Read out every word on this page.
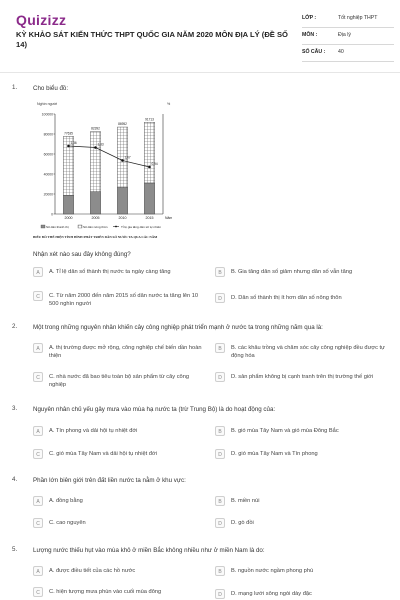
Quizizz
KỲ KHẢO SÁT KIẾN THỨC THPT QUỐC GIA NĂM 2020 MÔN ĐỊA LÝ (ĐỀ SỐ 14)
LỚP :	Tốt nghiệp THPT
MÔN :	Địa lý
SỐ CÂU : 40
1.	Cho biểu đồ:
Nghìn người	%
0
20000
40000
60000
80000
100000
77635
2000
82392
2005
86952
2010
91713
2015	Năm
1,36	1,33
1,07
0,94
Số dân thành thị	Số dân nông thôn	Tỉ lệ gia tăng dân số tự nhiên
BIỂU ĐỒ THỂ HIỆN TÌNH HÌNH PHÁT TRIỂN DÂN SỐ NƯỚC TA QUA CÁC NĂM
Nhận xét nào sau đây không đúng?
A	A. Tỉ lệ dân số thành thị nước ta ngày càng tăng	B	B. Gia tăng dân số giảm nhưng dân số vẫn tăng
C	C. Từ năm 2000 đến năm 2015 số dân nước ta tăng lên 10 500 nghìn người
D	D. Dân số thành thị ít hơn dân số nông thôn
2.	Một trong những nguyên nhân khiến cây công nghiệp phát triển mạnh ở nước ta trong những năm qua là:
A	A. thị trường được mở rộng, công nghiệp chế biến dần hoàn thiện
B	B. các khâu trồng và chăm sóc cây công nghiệp đều được tự động hóa
C	C. nhà nước đã bao tiêu toàn bộ sản phẩm từ cây công nghiệp
D	D. sản phẩm không bị cạnh tranh trên thị trường thế giới
3.	Nguyên nhân chủ yếu gây mưa vào mùa hạ nước ta (trừ Trung Bộ) là do hoạt động của:
A	A. Tín phong và dải hội tụ nhiệt đới	B	B. gió mùa Tây Nam và gió mùa Đông Bắc
C	C. gió mùa Tây Nam và dải hội tụ nhiệt đới	D	D. gió mùa Tây Nam và Tín phong
4.	Phần lớn biên giới trên đất liền nước ta nằm ở khu vực:
A	A. đồng bằng	B	B. miền núi
C	C. cao nguyên	D	D. gò đồi
5.	Lượng nước thiếu hụt vào mùa khô ở miền Bắc không nhiều như ở miền Nam là do:
A	A. được điều tiết của các hồ nước	B	B. nguồn nước ngầm phong phú
C	C. hiện tượng mưa phùn vào cuối mùa đông	D	D. mạng lưới sông ngòi dày đặc
